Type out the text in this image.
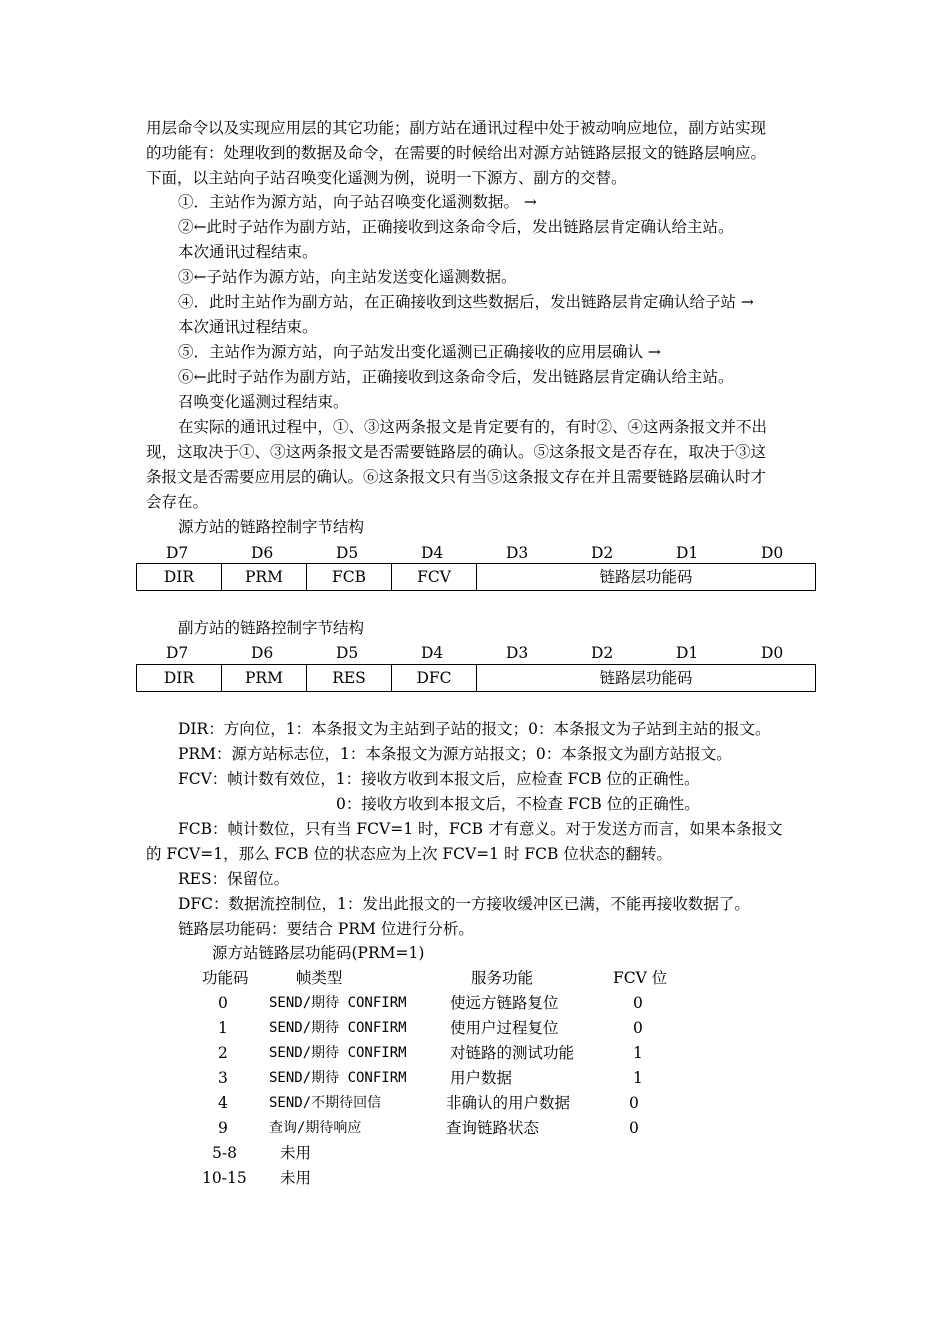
用层命令以及实现应用层的其它功能；副方站在通讯过程中处于被动响应地位，副方站实现
的功能有：处理收到的数据及命令，在需要的时候给出对源方站链路层报文的链路层响应。
下面，以主站向子站召唤变化遥测为例，说明一下源方、副方的交替。
①．主站作为源方站，向子站召唤变化遥测数据。 →
②←此时子站作为副方站，正确接收到这条命令后，发出链路层肯定确认给主站。
本次通讯过程结束。
③←子站作为源方站，向主站发送变化遥测数据。
④．此时主站作为副方站，在正确接收到这些数据后，发出链路层肯定确认给子站 →
本次通讯过程结束。
⑤．主站作为源方站，向子站发出变化遥测已正确接收的应用层确认 →
⑥←此时子站作为副方站，正确接收到这条命令后，发出链路层肯定确认给主站。
召唤变化遥测过程结束。
在实际的通讯过程中，①、③这两条报文是肯定要有的，有时②、④这两条报文并不出
现，这取决于①、③这两条报文是否需要链路层的确认。⑤这条报文是否存在，取决于③这
条报文是否需要应用层的确认。⑥这条报文只有当⑤这条报文存在并且需要链路层确认时才
会存在。
源方站的链路控制字节结构
D7	D6	D5	D4	D3	D2	D1	D0
DIR	PRM	FCB	FCV	链路层功能码
副方站的链路控制字节结构
D7	D6	D5	D4	D3	D2	D1	D0
DIR	PRM	RES	DFC	链路层功能码
DIR：方向位，1：本条报文为主站到子站的报文；0：本条报文为子站到主站的报文。
PRM：源方站标志位，1：本条报文为源方站报文；0：本条报文为副方站报文。
FCV：帧计数有效位，1：接收方收到本报文后，应检查 FCB 位的正确性。
0：接收方收到本报文后，不检查 FCB 位的正确性。
FCB：帧计数位，只有当 FCV=1 时，FCB 才有意义。对于发送方而言，如果本条报文
的 FCV=1，那么 FCB 位的状态应为上次 FCV=1 时 FCB 位状态的翻转。
RES：保留位。
DFC：数据流控制位，1：发出此报文的一方接收缓冲区已满，不能再接收数据了。
链路层功能码：要结合 PRM 位进行分析。
源方站链路层功能码(PRM=1)
功能码	帧类型	服务功能	FCV 位
0	SEND/期待 CONFIRM	使远方链路复位	0
1	SEND/期待 CONFIRM	使用户过程复位	0
2	SEND/期待 CONFIRM	对链路的测试功能	1
3	SEND/期待 CONFIRM	用户数据	1
4	SEND/不期待回信	非确认的用户数据	0
9	查询/期待响应	查询链路状态	0
5-8	未用
10-15 未用
